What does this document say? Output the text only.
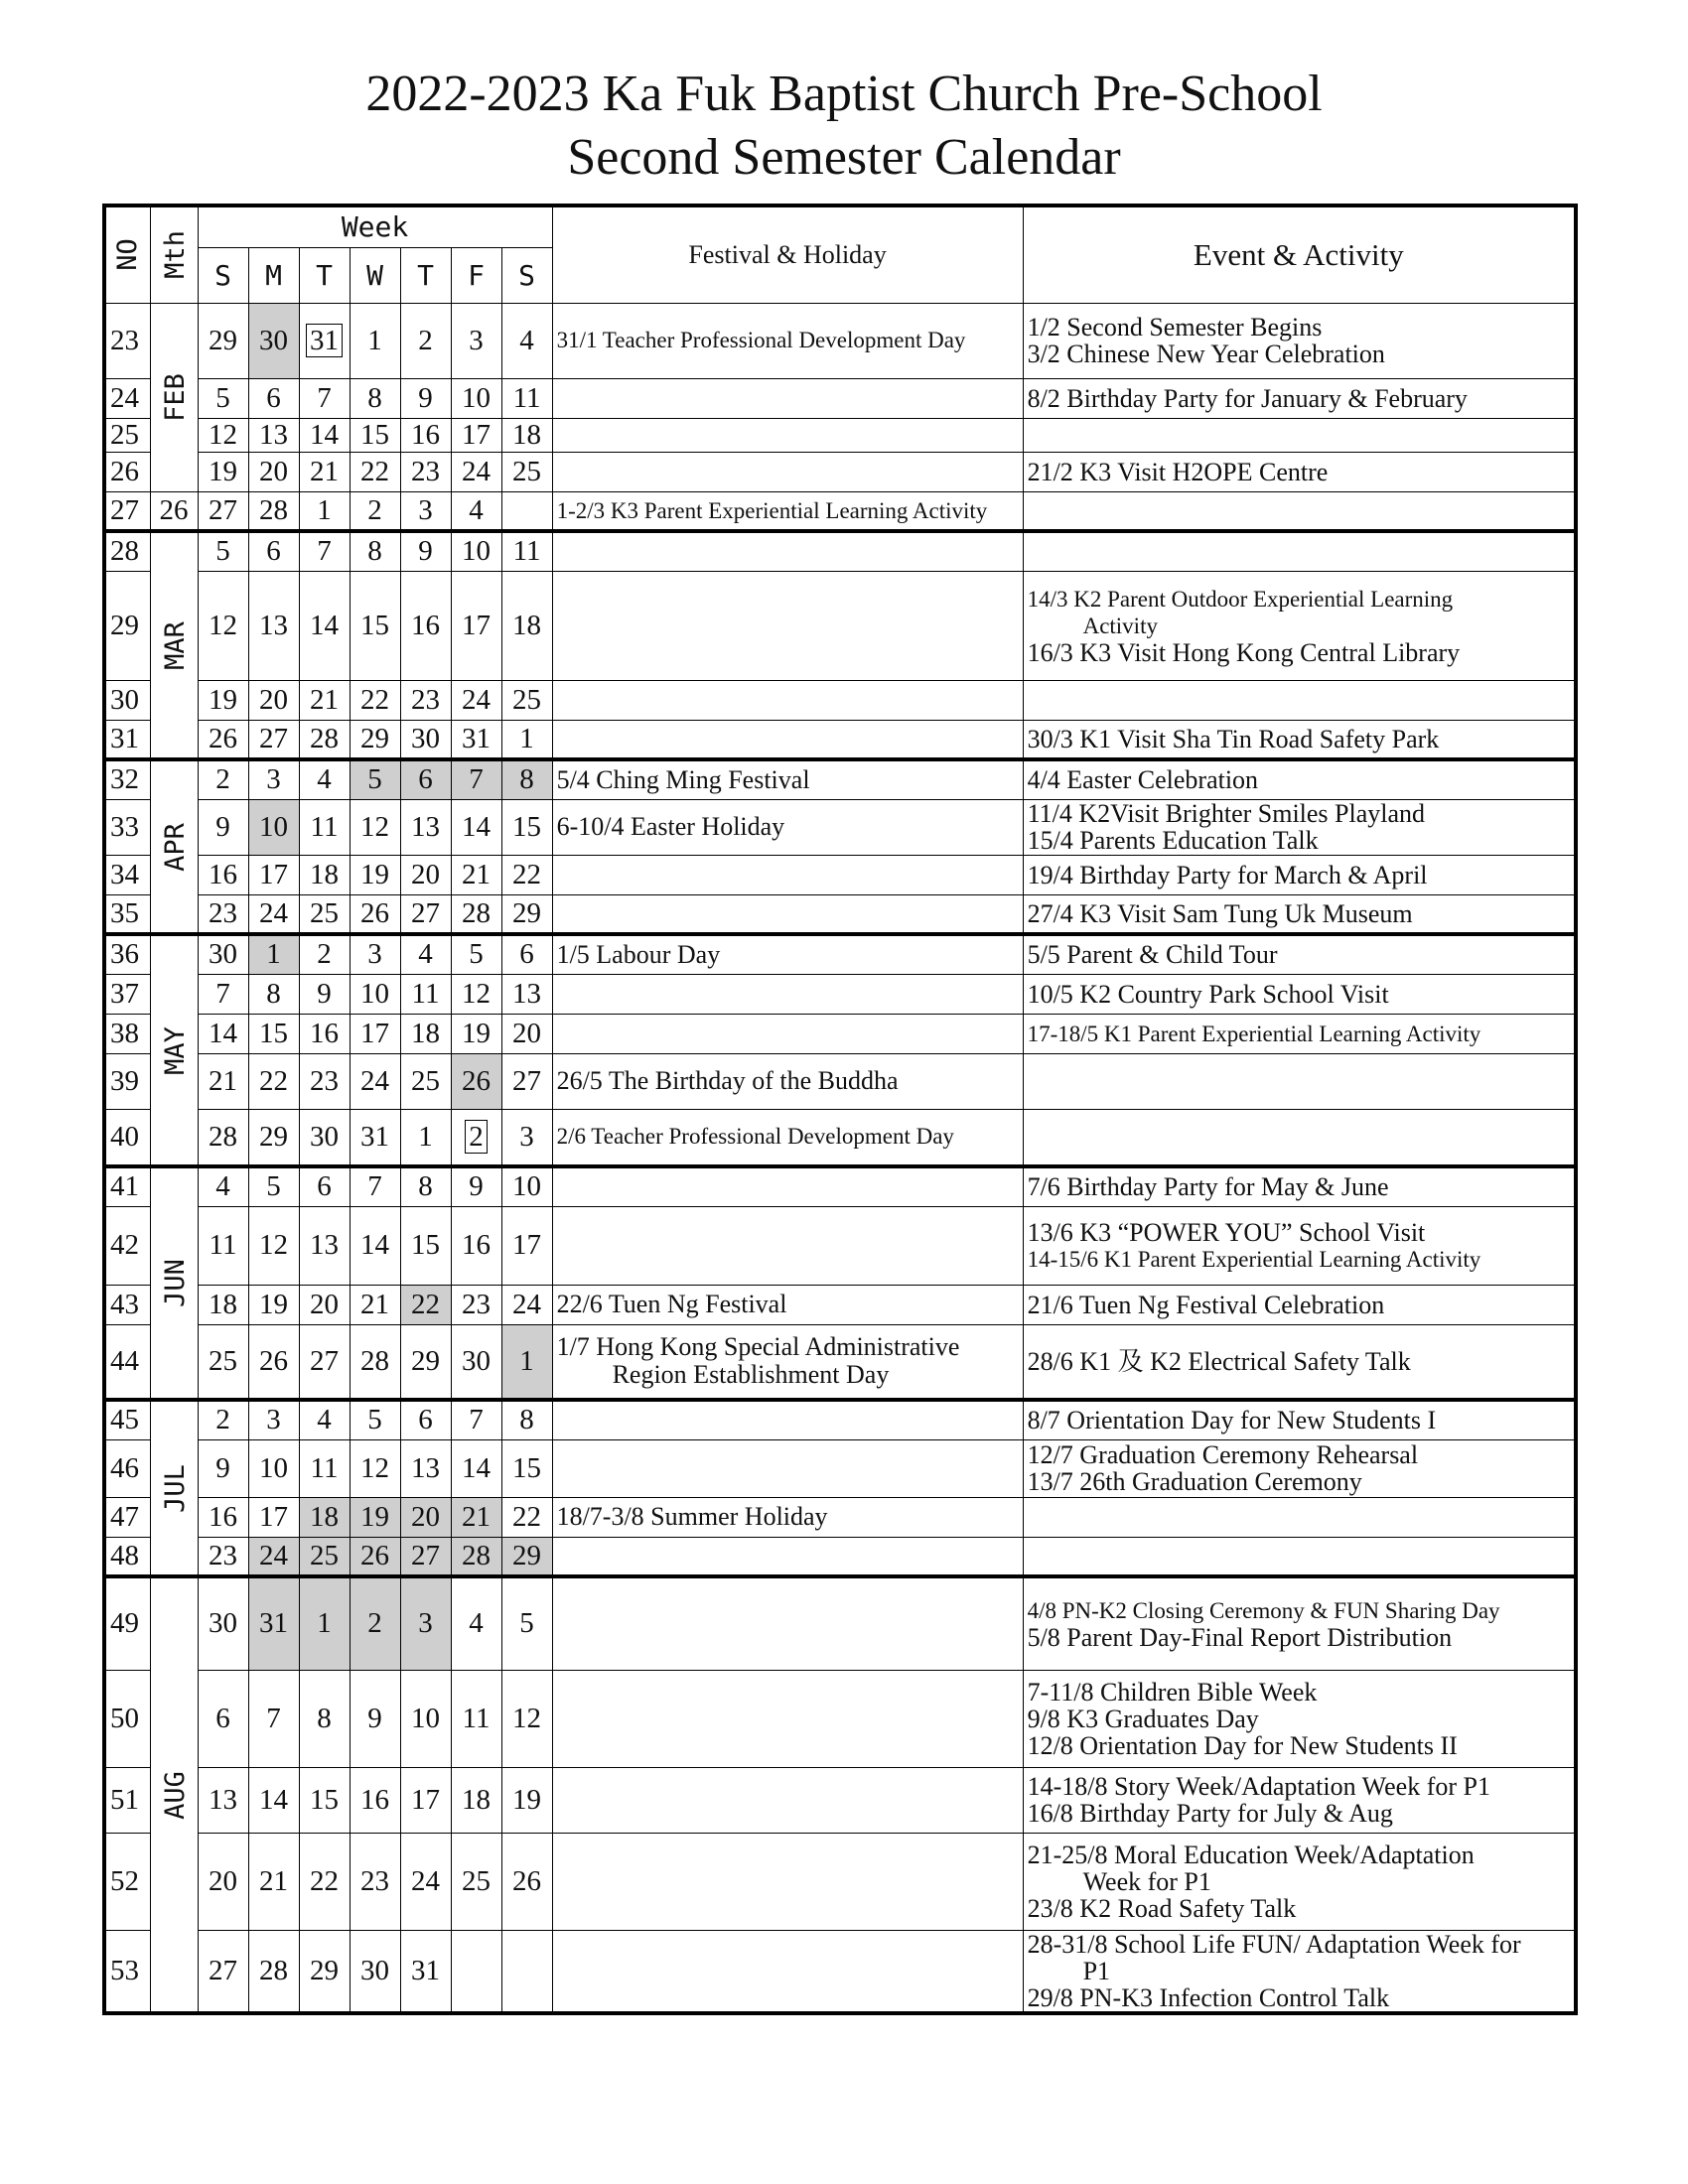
2022-2023 Ka Fuk Baptist Church Pre-School
Second Semester Calendar
NO	Mth	Week							Festival & Holiday	Event & Activity
		S	M	T	W	T	F	S		
23	FEB	29	30	31	1	2	3	4	31/1 Teacher Professional Development Day	1/2 Second Semester Begins
3/2 Chinese New Year Celebration

24		5	6	7	8	9	10	11		8/2 Birthday Party for January & February

25		12	13	14	15	16	17	18		
26		19	20	21	22	23	24	25		21/2 K3 Visit H2OPE Centre

27	26	27	28	1	2	3	4		1-2/3 K3 Parent Experiential Learning Activity	

28	MAR	5	6	7	8	9	10	11		
29		12	13	14	15	16	17	18		14/3 K2 Parent Outdoor Experiential Learning
Activity
16/3 K3 Visit Hong Kong Central Library

30		19	20	21	22	23	24	25		
31		26	27	28	29	30	31	1		30/3 K1 Visit Sha Tin Road Safety Park

32	APR	2	3	4	5	6	7	8	5/4 Ching Ming Festival	4/4 Easter Celebration

33		9	10	11	12	13	14	15	6-10/4 Easter Holiday	11/4 K2Visit Brighter Smiles Playland
15/4 Parents Education Talk

34		16	17	18	19	20	21	22		19/4 Birthday Party for March & April

35		23	24	25	26	27	28	29		27/4 K3 Visit Sam Tung Uk Museum

36	MAY	30	1	2	3	4	5	6	1/5 Labour Day	5/5 Parent & Child Tour

37		7	8	9	10	11	12	13		10/5 K2 Country Park School Visit

38		14	15	16	17	18	19	20		17-18/5 K1 Parent Experiential Learning Activity

39		21	22	23	24	25	26	27	26/5 The Birthday of the Buddha	

40		28	29	30	31	1	2	3	2/6 Teacher Professional Development Day	

41	JUN	4	5	6	7	8	9	10		7/6 Birthday Party for May & June

42		11	12	13	14	15	16	17		13/6 K3 “POWER YOU” School Visit
14-15/6 K1 Parent Experiential Learning Activity

43		18	19	20	21	22	23	24	22/6 Tuen Ng Festival	21/6 Tuen Ng Festival Celebration

44		25	26	27	28	29	30	1	1/7 Hong Kong Special Administrative
Region Establishment Day	28/6 K1 及 K2 Electrical Safety Talk

45	JUL	2	3	4	5	6	7	8		8/7 Orientation Day for New Students I

46		9	10	11	12	13	14	15		12/7 Graduation Ceremony Rehearsal
13/7 26th Graduation Ceremony

47		16	17	18	19	20	21	22	18/7-3/8 Summer Holiday	

48		23	24	25	26	27	28	29		
49	AUG	30	31	1	2	3	4	5		4/8 PN-K2 Closing Ceremony & FUN Sharing Day
5/8 Parent Day-Final Report Distribution

50		6	7	8	9	10	11	12		7-11/8 Children Bible Week
9/8 K3 Graduates Day
12/8 Orientation Day for New Students II

51		13	14	15	16	17	18	19		14-18/8 Story Week/Adaptation Week for P1
16/8 Birthday Party for July & Aug

52		20	21	22	23	24	25	26		21-25/8 Moral Education Week/Adaptation
Week for P1
23/8 K2 Road Safety Talk

53		27	28	29	30	31				28-31/8 School Life FUN/ Adaptation Week for
P1
29/8 PN-K3 Infection Control Talk
